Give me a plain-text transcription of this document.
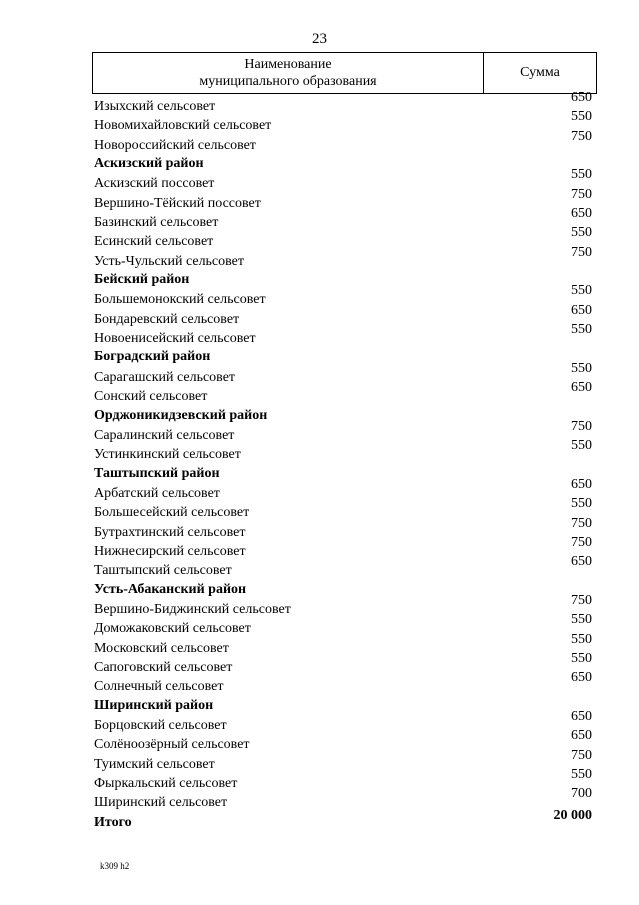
23
Наименование
муниципального образования
Сумма
Изыхский сельсовет
650
Новомихайловский сельсовет
550
Новороссийский сельсовет
750
Аскизский район
Аскизский поссовет
550
Вершино-Тёйский поссовет
750
Базинский сельсовет
650
Есинский сельсовет
550
Усть-Чульский сельсовет
750
Бейский район
Большемонокский сельсовет
550
Бондаревский сельсовет
650
Новоенисейский сельсовет
550
Боградский район
Сарагашский сельсовет
550
Сонский сельсовет
650
Орджоникидзевский район
Саралинский сельсовет
750
Устинкинский сельсовет
550
Таштыпский район
Арбатский сельсовет
650
Большесейский сельсовет
550
Бутрахтинский сельсовет
750
Нижнесирский сельсовет
750
Таштыпский сельсовет
650
Усть-Абаканский район
Вершино-Биджинский сельсовет
750
Доможаковский сельсовет
550
Московский сельсовет
550
Сапоговский сельсовет
550
Солнечный сельсовет
650
Ширинский район
Борцовский сельсовет
650
Солёноозёрный сельсовет
650
Туимский сельсовет
750
Фыркальский сельсовет
550
Ширинский сельсовет
700
Итого	20 000
k309 h2
